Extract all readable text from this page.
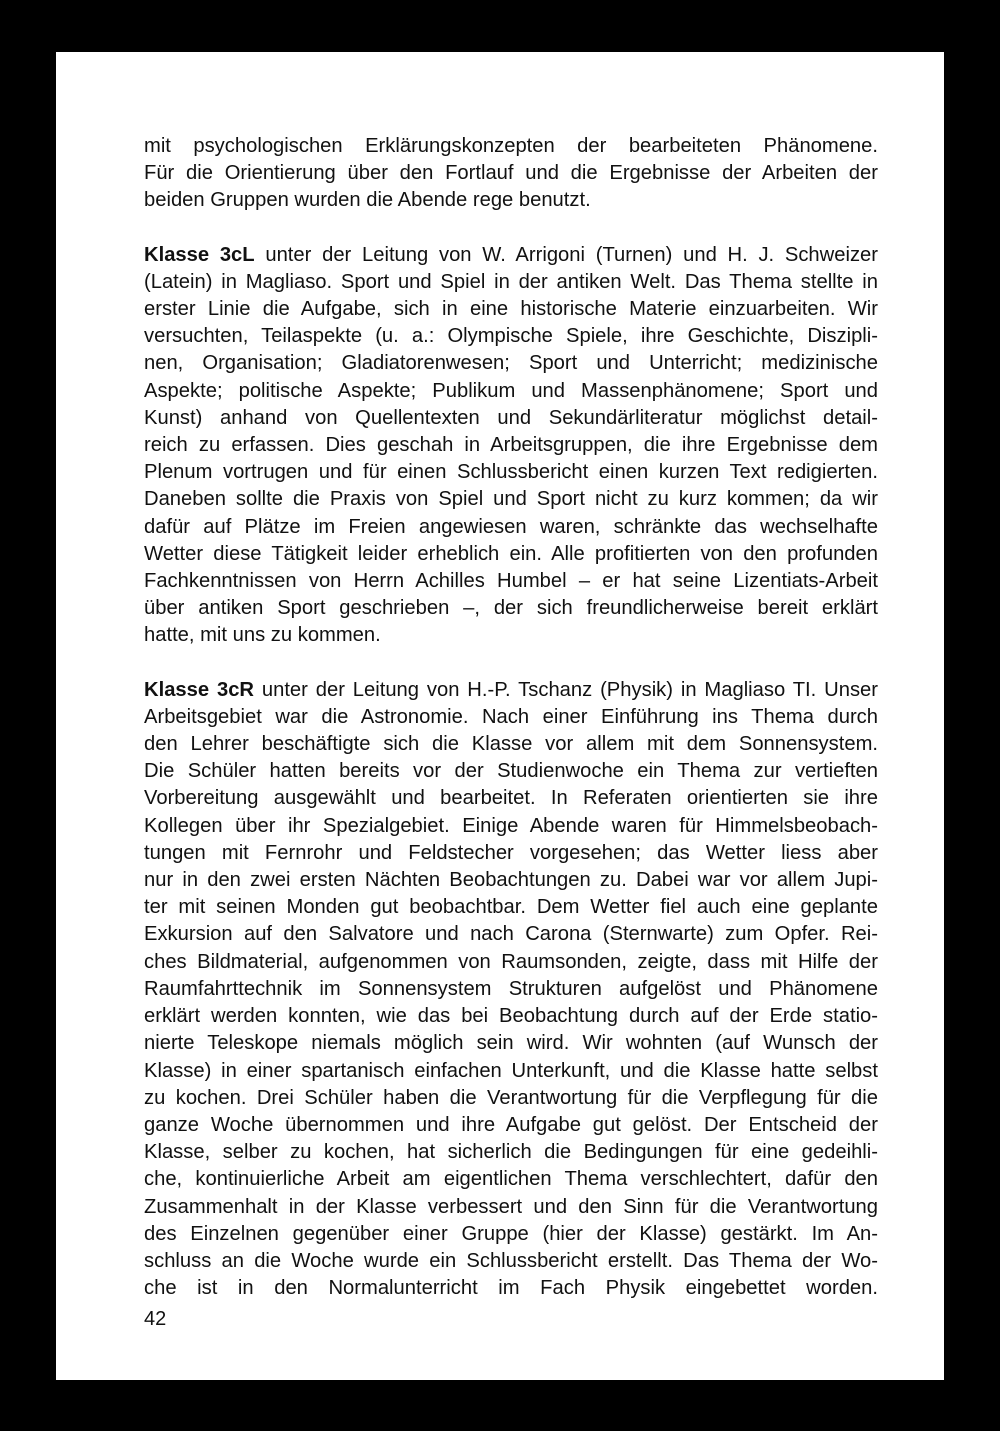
mit psychologischen Erklärungskonzepten der bearbeiteten Phänomene.
Für die Orientierung über den Fortlauf und die Ergebnisse der Arbeiten der
beiden Gruppen wurden die Abende rege benutzt.
Klasse 3cL unter der Leitung von W. Arrigoni (Turnen) und H. J. Schweizer
(Latein) in Magliaso. Sport und Spiel in der antiken Welt. Das Thema stellte in
erster Linie die Aufgabe, sich in eine historische Materie einzuarbeiten. Wir
versuchten, Teilaspekte (u. a.: Olympische Spiele, ihre Geschichte, Diszipli-
nen, Organisation; Gladiatorenwesen; Sport und Unterricht; medizinische
Aspekte; politische Aspekte; Publikum und Massenphänomene; Sport und
Kunst) anhand von Quellentexten und Sekundärliteratur möglichst detail-
reich zu erfassen. Dies geschah in Arbeitsgruppen, die ihre Ergebnisse dem
Plenum vortrugen und für einen Schlussbericht einen kurzen Text redigierten.
Daneben sollte die Praxis von Spiel und Sport nicht zu kurz kommen; da wir
dafür auf Plätze im Freien angewiesen waren, schränkte das wechselhafte
Wetter diese Tätigkeit leider erheblich ein. Alle profitierten von den profunden
Fachkenntnissen von Herrn Achilles Humbel – er hat seine Lizentiats-Arbeit
über antiken Sport geschrieben –, der sich freundlicherweise bereit erklärt
hatte, mit uns zu kommen.
Klasse 3cR unter der Leitung von H.-P. Tschanz (Physik) in Magliaso TI. Unser
Arbeitsgebiet war die Astronomie. Nach einer Einführung ins Thema durch
den Lehrer beschäftigte sich die Klasse vor allem mit dem Sonnensystem.
Die Schüler hatten bereits vor der Studienwoche ein Thema zur vertieften
Vorbereitung ausgewählt und bearbeitet. In Referaten orientierten sie ihre
Kollegen über ihr Spezialgebiet. Einige Abende waren für Himmelsbeobach-
tungen mit Fernrohr und Feldstecher vorgesehen; das Wetter liess aber
nur in den zwei ersten Nächten Beobachtungen zu. Dabei war vor allem Jupi-
ter mit seinen Monden gut beobachtbar. Dem Wetter fiel auch eine geplante
Exkursion auf den Salvatore und nach Carona (Sternwarte) zum Opfer. Rei-
ches Bildmaterial, aufgenommen von Raumsonden, zeigte, dass mit Hilfe der
Raumfahrttechnik im Sonnensystem Strukturen aufgelöst und Phänomene
erklärt werden konnten, wie das bei Beobachtung durch auf der Erde statio-
nierte Teleskope niemals möglich sein wird. Wir wohnten (auf Wunsch der
Klasse) in einer spartanisch einfachen Unterkunft, und die Klasse hatte selbst
zu kochen. Drei Schüler haben die Verantwortung für die Verpflegung für die
ganze Woche übernommen und ihre Aufgabe gut gelöst. Der Entscheid der
Klasse, selber zu kochen, hat sicherlich die Bedingungen für eine gedeihli-
che, kontinuierliche Arbeit am eigentlichen Thema verschlechtert, dafür den
Zusammenhalt in der Klasse verbessert und den Sinn für die Verantwortung
des Einzelnen gegenüber einer Gruppe (hier der Klasse) gestärkt. Im An-
schluss an die Woche wurde ein Schlussbericht erstellt. Das Thema der Wo-
che ist in den Normalunterricht im Fach Physik eingebettet worden.
42
